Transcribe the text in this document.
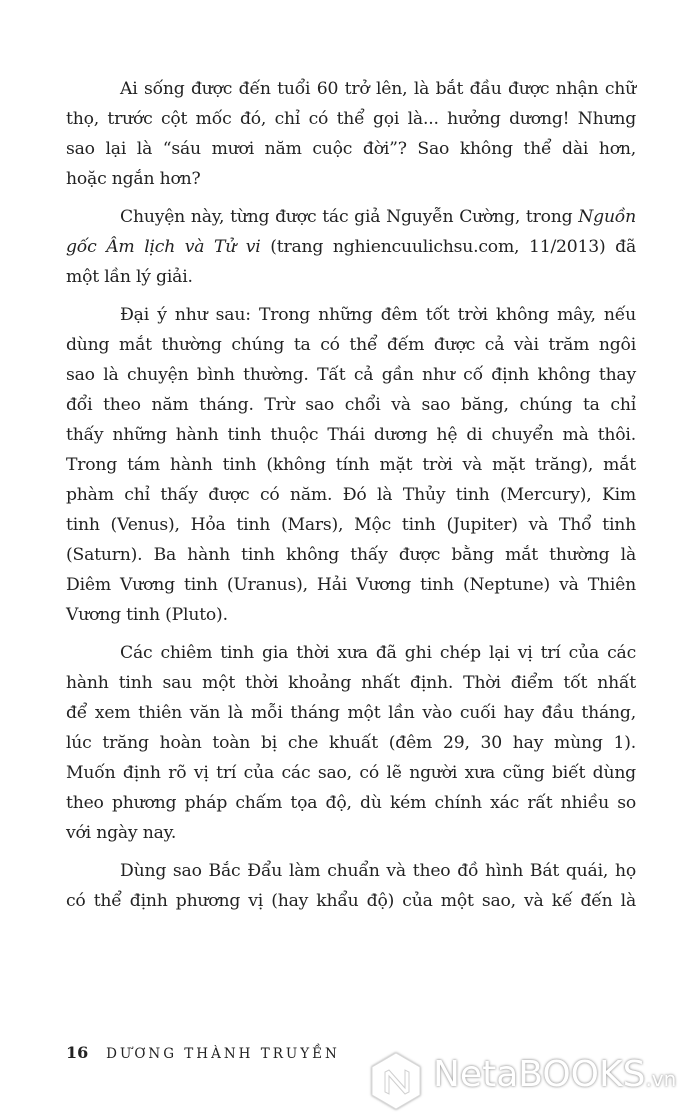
Ai sống được đến tuổi 60 trở lên, là bắt đầu được nhận chữ
thọ, trước cột mốc đó, chỉ có thể gọi là... hưởng dương! Nhưng
sao lại là “sáu mươi năm cuộc đời”? Sao không thể dài hơn,
hoặc ngắn hơn?

Chuyện này, từng được tác giả Nguyễn Cường, trong Nguồn
gốc Âm lịch và Tử vi (trang nghiencuulichsu.com, 11/2013) đã
một lần lý giải.

Đại ý như sau: Trong những đêm tốt trời không mây, nếu
dùng mắt thường chúng ta có thể đếm được cả vài trăm ngôi
sao là chuyện bình thường. Tất cả gần như cố định không thay
đổi theo năm tháng. Trừ sao chổi và sao băng, chúng ta chỉ
thấy những hành tinh thuộc Thái dương hệ di chuyển mà thôi.
Trong tám hành tinh (không tính mặt trời và mặt trăng), mắt
phàm chỉ thấy được có năm. Đó là Thủy tinh (Mercury), Kim
tinh (Venus), Hỏa tinh (Mars), Mộc tinh (Jupiter) và Thổ tinh
(Saturn). Ba hành tinh không thấy được bằng mắt thường là
Diêm Vương tinh (Uranus), Hải Vương tinh (Neptune) và Thiên
Vương tinh (Pluto).

Các chiêm tinh gia thời xưa đã ghi chép lại vị trí của các
hành tinh sau một thời khoảng nhất định. Thời điểm tốt nhất
để xem thiên văn là mỗi tháng một lần vào cuối hay đầu tháng,
lúc trăng hoàn toàn bị che khuất (đêm 29, 30 hay mùng 1).
Muốn định rõ vị trí của các sao, có lẽ người xưa cũng biết dùng
theo phương pháp chấm tọa độ, dù kém chính xác rất nhiều so
với ngày nay.

Dùng sao Bắc Đẩu làm chuẩn và theo đồ hình Bát quái, họ
có thể định phương vị (hay khẩu độ) của một sao, và kế đến là

16 DƯƠNG THÀNH TRUYỀN	NetaBOOKS.vn
